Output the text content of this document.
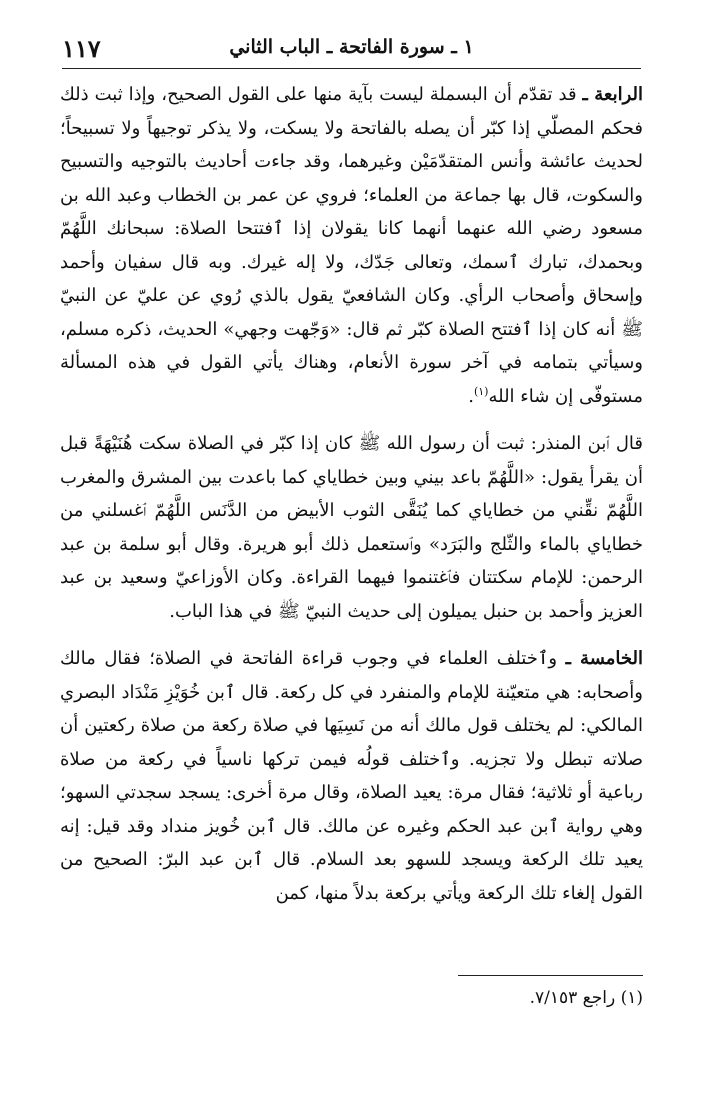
١١٧	١ ـ سورة الفاتحة ـ الباب الثاني

الرابعة ـ قد تقدّم أن البسملة ليست بآية منها على القول الصحيح، وإذا ثبت ذلك فحكم المصلّي إذا كبّر أن يصله بالفاتحة ولا يسكت، ولا يذكر توجيهاً ولا تسبيحاً؛ لحديث عائشة وأنس المتقدّمَيْن وغيرهما، وقد جاءت أحاديث بالتوجيه والتسبيح والسكوت، قال بها جماعة من العلماء؛ فروي عن عمر بن الخطاب وعبد الله بن مسعود رضي الله عنهما أنهما كانا يقولان إذا ٱفتتحا الصلاة: سبحانك اللَّهُمّ وبحمدك، تبارك ٱسمك، وتعالى جَدّك، ولا إله غيرك. وبه قال سفيان وأحمد وإسحاق وأصحاب الرأي. وكان الشافعيّ يقول بالذي رُوي عن عليّ عن النبيّ ﷺ أنه كان إذا ٱفتتح الصلاة كبّر ثم قال: «وَجّهت وجهي» الحديث، ذكره مسلم، وسيأتي بتمامه في آخر سورة الأنعام، وهناك يأتي القول في هذه المسألة مستوفّى إن شاء الله$^{(١)}$.

قال ٱبن المنذر: ثبت أن رسول الله ﷺ كان إذا كبّر في الصلاة سكت هُنَيْهَةً قبل أن يقرأ يقول: «اللَّهُمّ باعد بيني وبين خطاياي كما باعدت بين المشرق والمغرب اللَّهُمّ نقِّني من خطاياي كما يُنَقَّى الثوب الأبيض من الدَّنَس اللَّهُمّ ٱغسلني من خطاياي بالماء والثّلج والبَرَد» وٱستعمل ذلك أبو هريرة. وقال أبو سلمة بن عبد الرحمن: للإمام سكتتان فٱغتنموا فيهما القراءة. وكان الأوزاعيّ وسعيد بن عبد العزيز وأحمد بن حنبل يميلون إلى حديث النبيّ ﷺ في هذا الباب.

الخامسة ـ وٱختلف العلماء في وجوب قراءة الفاتحة في الصلاة؛ فقال مالك وأصحابه: هي متعيّنة للإمام والمنفرد في كل ركعة. قال ٱبن خُوَيْزِ مَنْدَاد البصري المالكي: لم يختلف قول مالك أنه من نَسِيَها في صلاة ركعة من صلاة ركعتين أن صلاته تبطل ولا تجزيه. وٱختلف قولُه فيمن تركها ناسياً في ركعة من صلاة رباعية أو ثلاثية؛ فقال مرة: يعيد الصلاة، وقال مرة أخرى: يسجد سجدتي السهو؛ وهي رواية ٱبن عبد الحكم وغيره عن مالك. قال ٱبن خُويز منداد وقد قيل: إنه يعيد تلك الركعة ويسجد للسهو بعد السلام. قال ٱبن عبد البرّ: الصحيح من القول إلغاء تلك الركعة ويأتي بركعة بدلاً منها، كمن

(١) راجع ٧/١٥٣.
